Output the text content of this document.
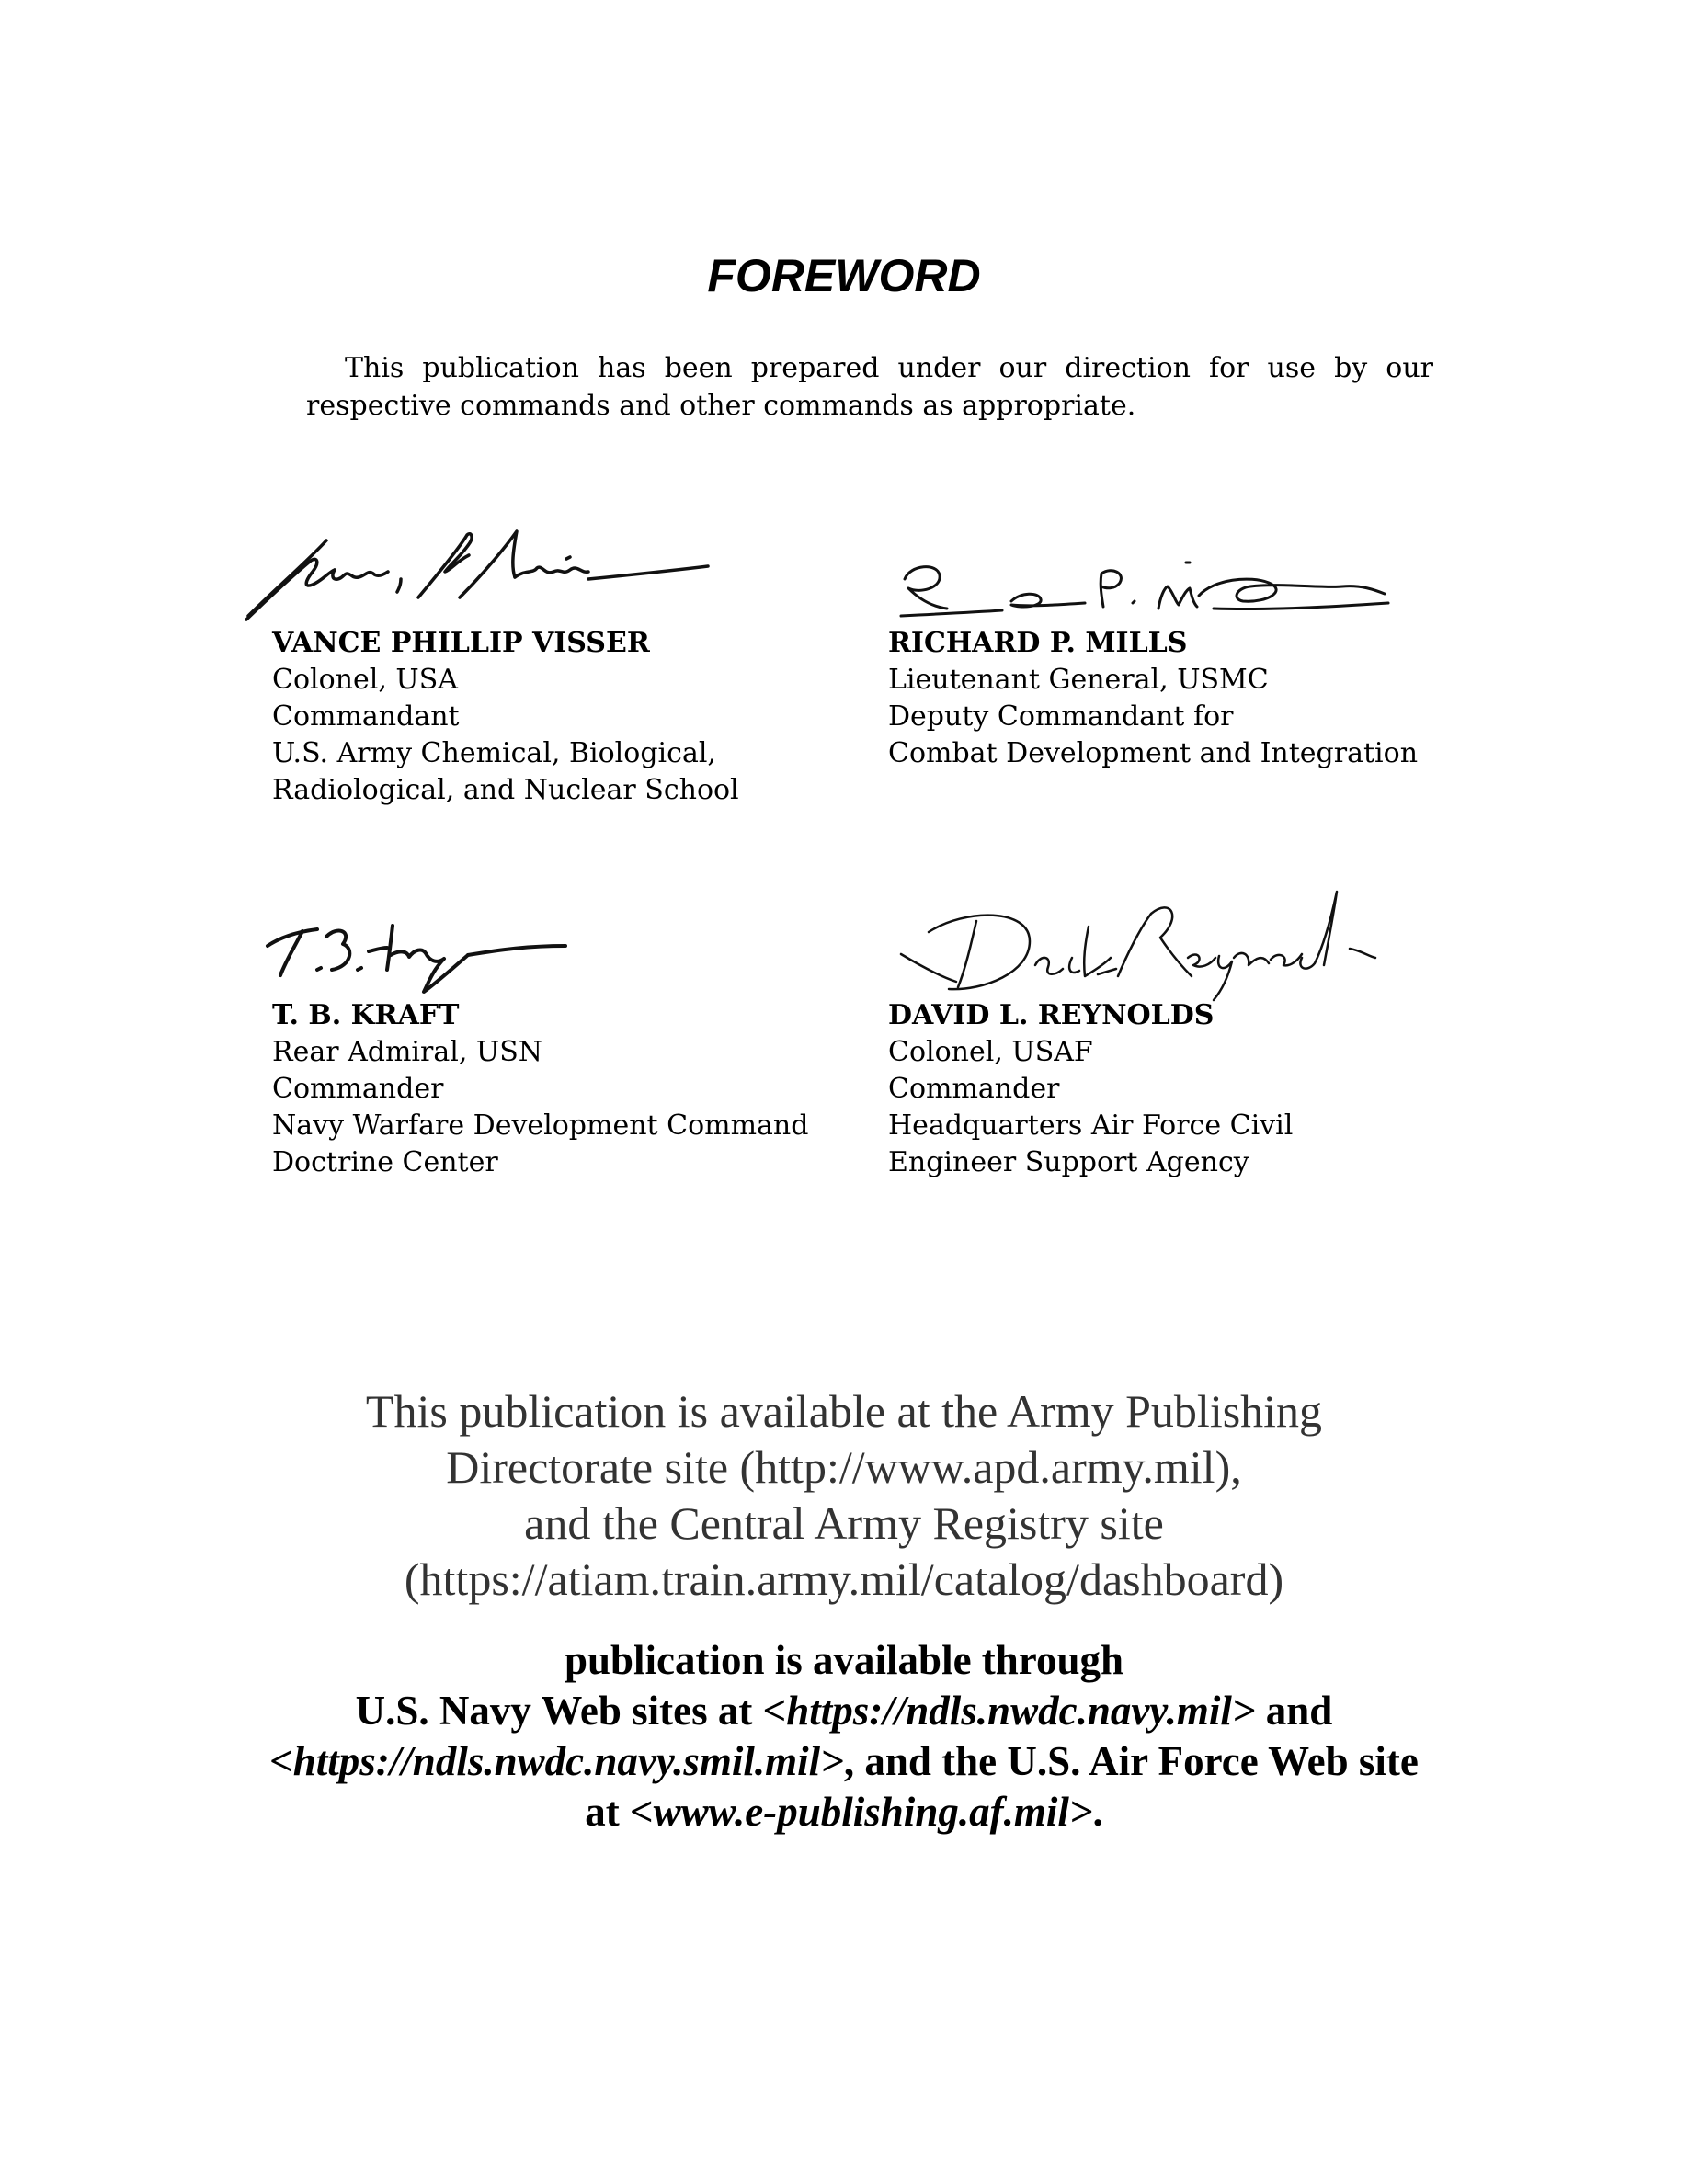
FOREWORD

This publication has been prepared under our direction for use by our respective commands and other commands as appropriate.

VANCE PHILLIP VISSER
Colonel, USA
Commandant
U.S. Army Chemical, Biological,
Radiological, and Nuclear School
RICHARD P. MILLS
Lieutenant General, USMC
Deputy Commandant for
Combat Development and Integration
T. B. KRAFT
Rear Admiral, USN
Commander
Navy Warfare Development Command
Doctrine Center
DAVID L. REYNOLDS
Colonel, USAF
Commander
Headquarters Air Force Civil
Engineer Support Agency
This publication is available at the Army Publishing
Directorate site (http://www.apd.army.mil),
and the Central Army Registry site
(https://atiam.train.army.mil/catalog/dashboard)
publication is available through
U.S. Navy Web sites at <https://ndls.nwdc.navy.mil> and
<https://ndls.nwdc.navy.smil.mil>, and the U.S. Air Force Web site
at <www.e-publishing.af.mil>.
